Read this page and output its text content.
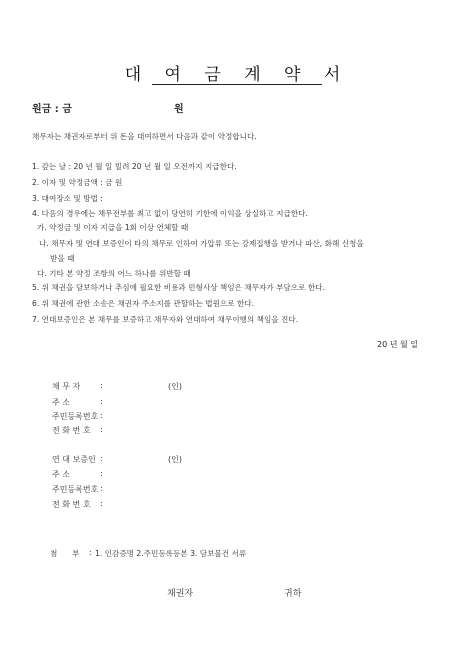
대 여 금 계 약 서
원금 : 금	원
채무자는 채권자로부터 위 돈을 대여하면서 다음과 같이 약정합니다.
1. 갚는 날 : 20 년 월 일 빌려 20 년 월 일 오전까지 지급한다.
2. 이자 및 약정금액 : 금 원
3. 대여장소 및 방법 :
4. 다음의 경우에는 채무전부를 최고 없이 당연히 기한에 이익을 상실하고 지급한다.
가. 약정금 및 이자 지급을 1회 이상 연체할 때
나. 채무자 및 연대 보증인이 타의 채무로 인하여 가압류 또는 강제집행을 받거나 파산, 화해 신청을
받을 때
다. 기타 본 약정 조항의 어느 하나를 위반할 때
5. 위 채권을 담보하거나 추심에 필요한 비용과 민형사상 책임은 채무자가 부담으로 한다.
6. 위 채권에 관한 소송은 채권자 주소지를 관할하는 법원으로 한다.
7. 연대보증인은 본 채무를 보증하고 채무자와 연대하여 채무이행의 책임을 진다.
20 년 월 일
채 무 자 :	(인)
주 소	:
주민등록번호 :
전 화 번 호 :
연 대 보증인 :	(인)
주 소	:
주민등록번호 :
전 화 번 호 :
첨 부 : 1. 인감증명 2.주민등록등본 3. 담보물건 서류
채권자	귀하
